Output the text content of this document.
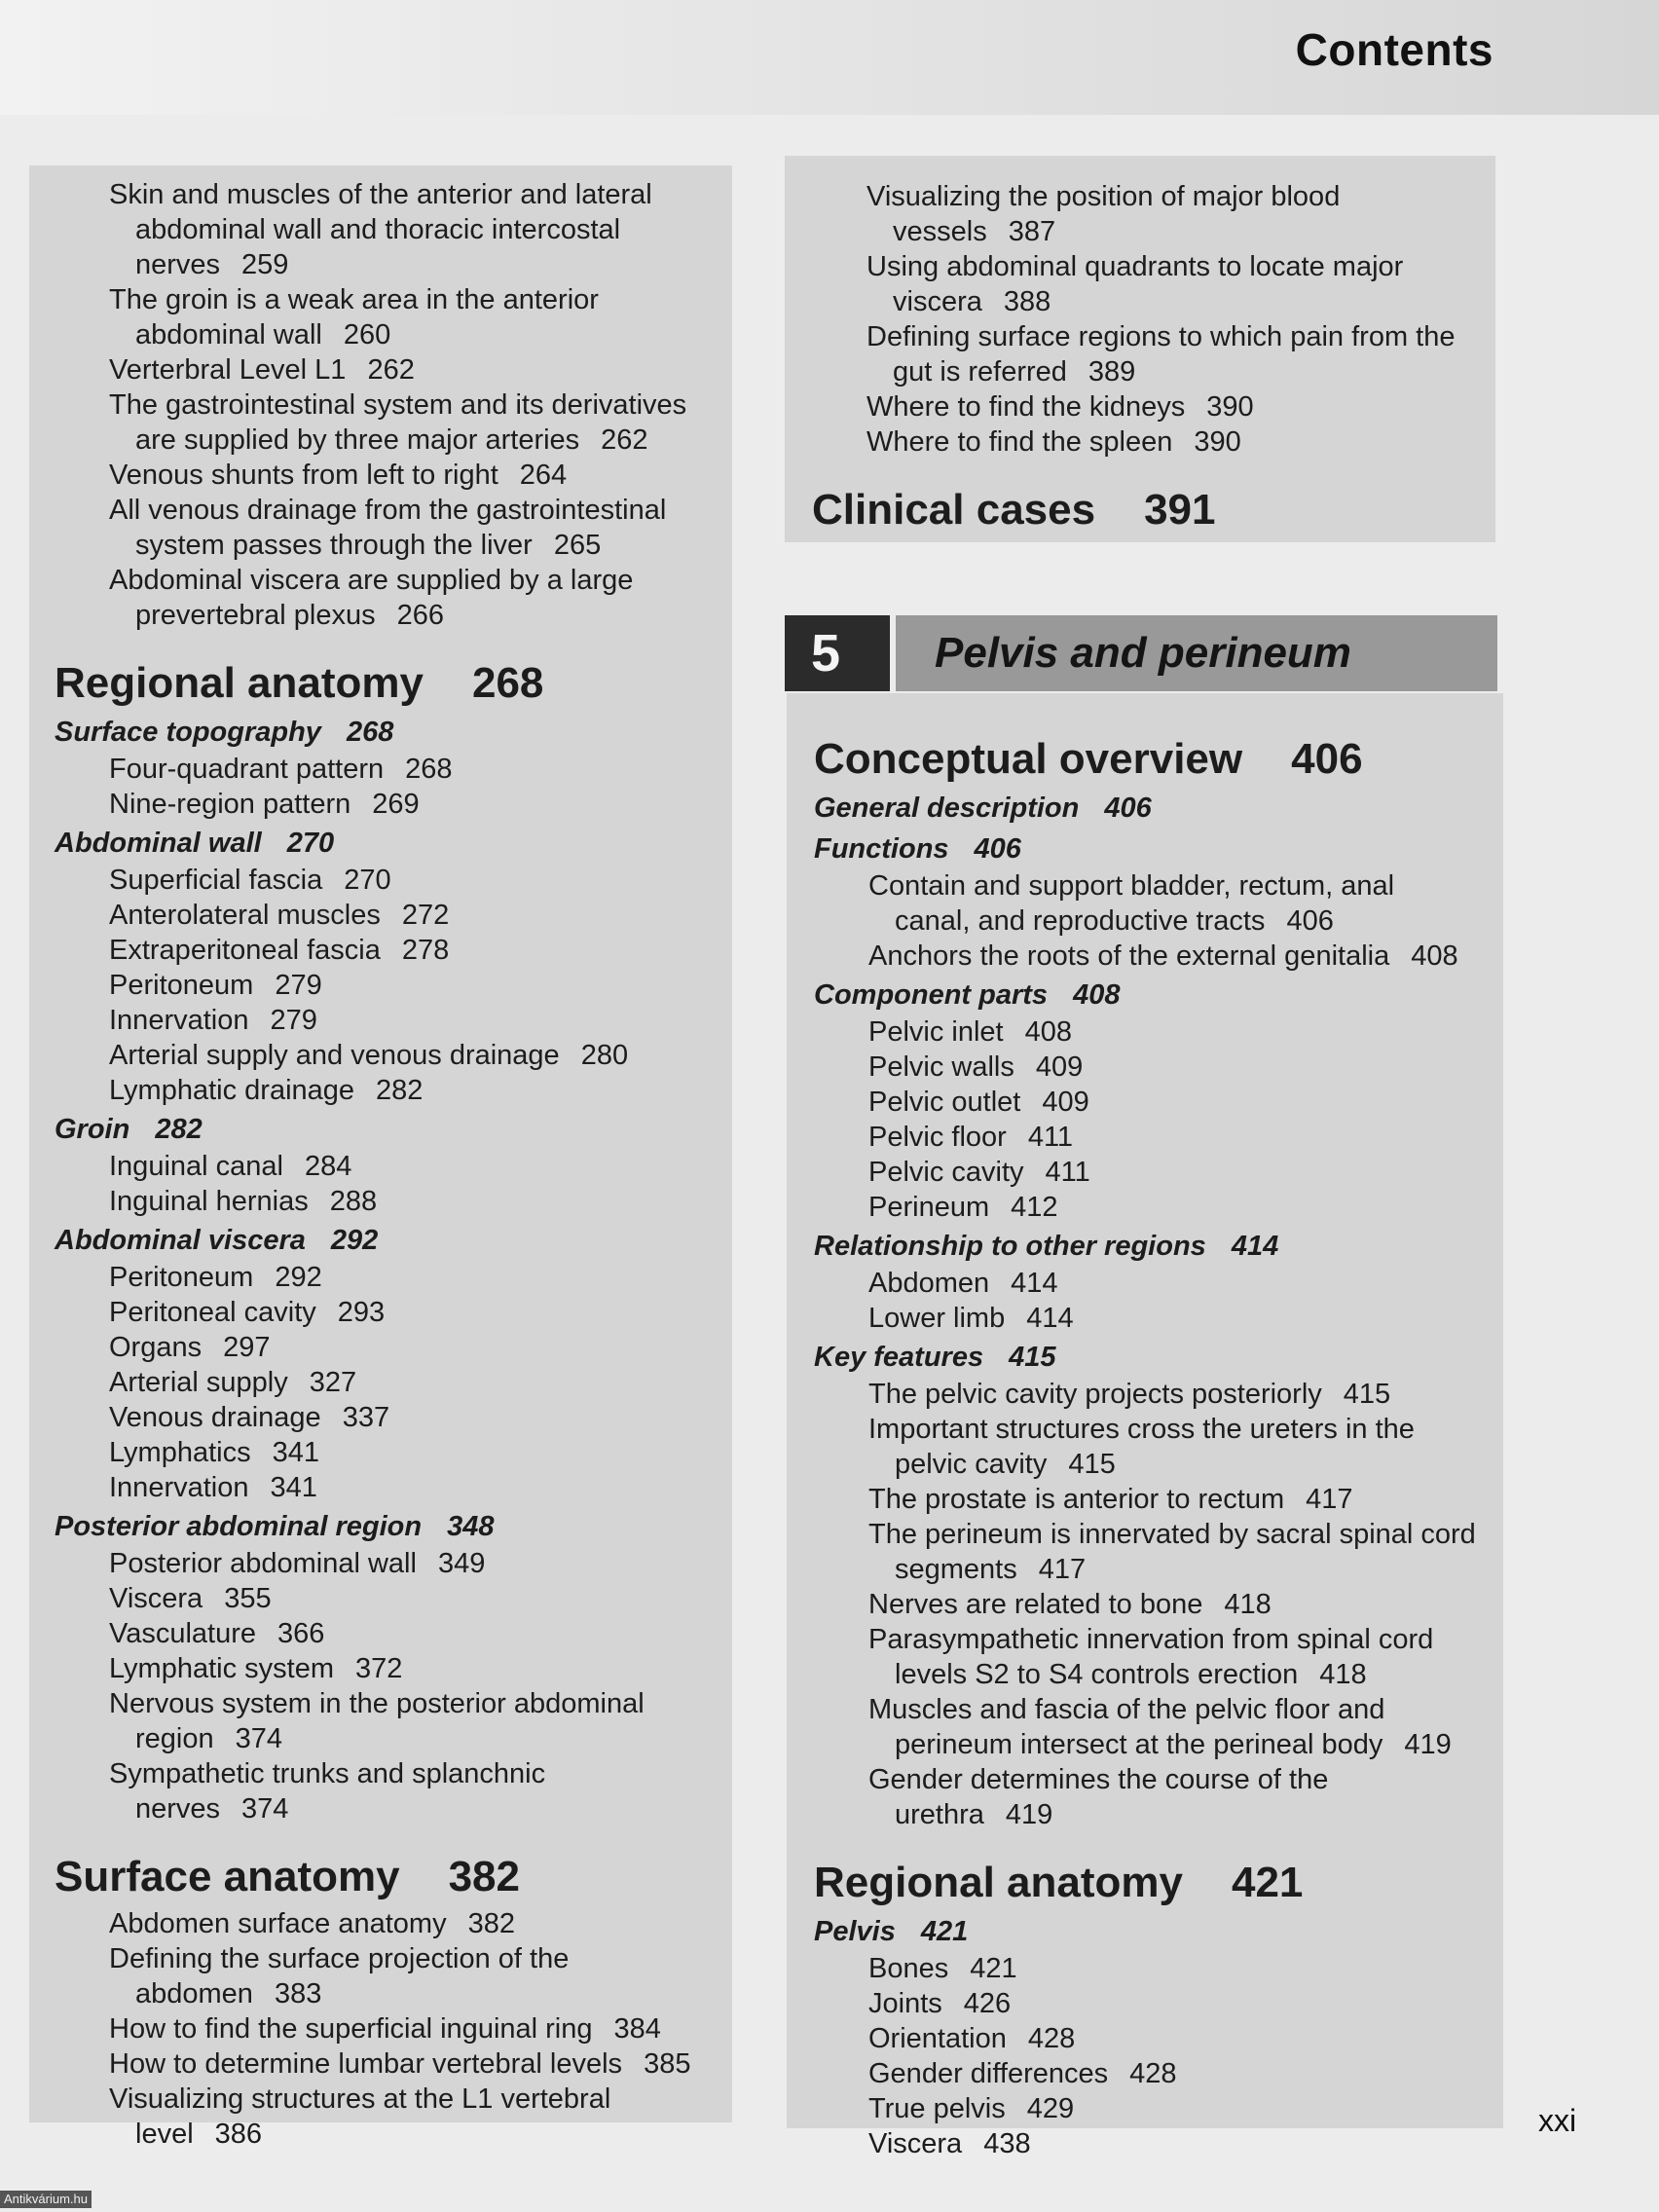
Contents
Skin and muscles of the anterior and lateral abdominal wall and thoracic intercostal nerves 259
The groin is a weak area in the anterior abdominal wall 260
Verterbral Level L1 262
The gastrointestinal system and its derivatives are supplied by three major arteries 262
Venous shunts from left to right 264
All venous drainage from the gastrointestinal system passes through the liver 265
Abdominal viscera are supplied by a large prevertebral plexus 266
Regional anatomy 268
Surface topography 268
Four-quadrant pattern 268
Nine-region pattern 269
Abdominal wall 270
Superficial fascia 270
Anterolateral muscles 272
Extraperitoneal fascia 278
Peritoneum 279
Innervation 279
Arterial supply and venous drainage 280
Lymphatic drainage 282
Groin 282
Inguinal canal 284
Inguinal hernias 288
Abdominal viscera 292
Peritoneum 292
Peritoneal cavity 293
Organs 297
Arterial supply 327
Venous drainage 337
Lymphatics 341
Innervation 341
Posterior abdominal region 348
Posterior abdominal wall 349
Viscera 355
Vasculature 366
Lymphatic system 372
Nervous system in the posterior abdominal region 374
Sympathetic trunks and splanchnic nerves 374
Surface anatomy 382
Abdomen surface anatomy 382
Defining the surface projection of the abdomen 383
How to find the superficial inguinal ring 384
How to determine lumbar vertebral levels 385
Visualizing structures at the L1 vertebral level 386
Visualizing the position of major blood vessels 387
Using abdominal quadrants to locate major viscera 388
Defining surface regions to which pain from the gut is referred 389
Where to find the kidneys 390
Where to find the spleen 390
Clinical cases 391
5	Pelvis and perineum
Conceptual overview 406
General description 406
Functions 406
Contain and support bladder, rectum, anal canal, and reproductive tracts 406
Anchors the roots of the external genitalia 408
Component parts 408
Pelvic inlet 408
Pelvic walls 409
Pelvic outlet 409
Pelvic floor 411
Pelvic cavity 411
Perineum 412
Relationship to other regions 414
Abdomen 414
Lower limb 414
Key features 415
The pelvic cavity projects posteriorly 415
Important structures cross the ureters in the pelvic cavity 415
The prostate is anterior to rectum 417
The perineum is innervated by sacral spinal cord segments 417
Nerves are related to bone 418
Parasympathetic innervation from spinal cord levels S2 to S4 controls erection 418
Muscles and fascia of the pelvic floor and perineum intersect at the perineal body 419
Gender determines the course of the urethra 419
Regional anatomy 421
Pelvis 421
Bones 421
Joints 426
Orientation 428
Gender differences 428
True pelvis 429
Viscera 438
xxi
Antikvárium.hu
